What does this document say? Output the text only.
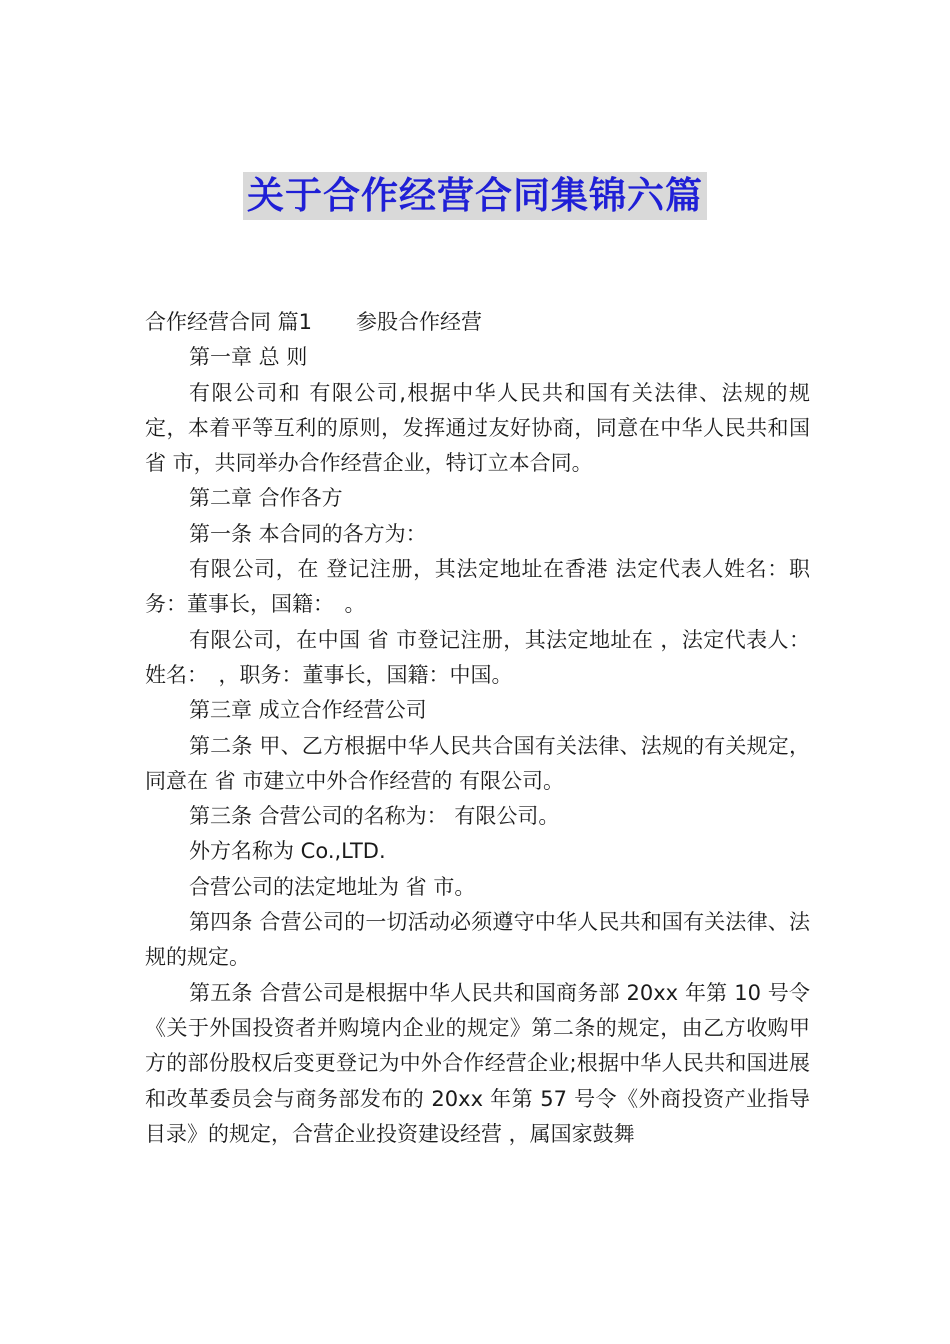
关于合作经营合同集锦六篇

合作经营合同 篇1 参股合作经营

第一章 总 则

有限公司和 有限公司,根据中华人民共和国有关法律、法规的规定，本着平等互利的原则，发挥通过友好协商，同意在中华人民共和国 省 市，共同举办合作经营企业，特订立本合同。

第二章 合作各方

第一条 本合同的各方为：

有限公司，在 登记注册，其法定地址在香港 法定代表人姓名：职务：董事长，国籍：　。

有限公司，在中国 省 市登记注册，其法定地址在 ，法定代表人：姓名：　，职务：董事长，国籍：中国。

第三章 成立合作经营公司

第二条 甲、乙方根据中华人民共合国有关法律、法规的有关规定，同意在 省 市建立中外合作经营的 有限公司。

第三条 合营公司的名称为： 有限公司。

外方名称为 Co.,LTD.

合营公司的法定地址为 省 市。

第四条 合营公司的一切活动必须遵守中华人民共和国有关法律、法规的规定。

第五条 合营公司是根据中华人民共和国商务部 20xx 年第 10 号令《关于外国投资者并购境内企业的规定》第二条的规定，由乙方收购甲方的部份股权后变更登记为中外合作经营企业;根据中华人民共和国进展和改革委员会与商务部发布的 20xx 年第 57 号令《外商投资产业指导目录》的规定，合营企业投资建设经营 ，属国家鼓舞
